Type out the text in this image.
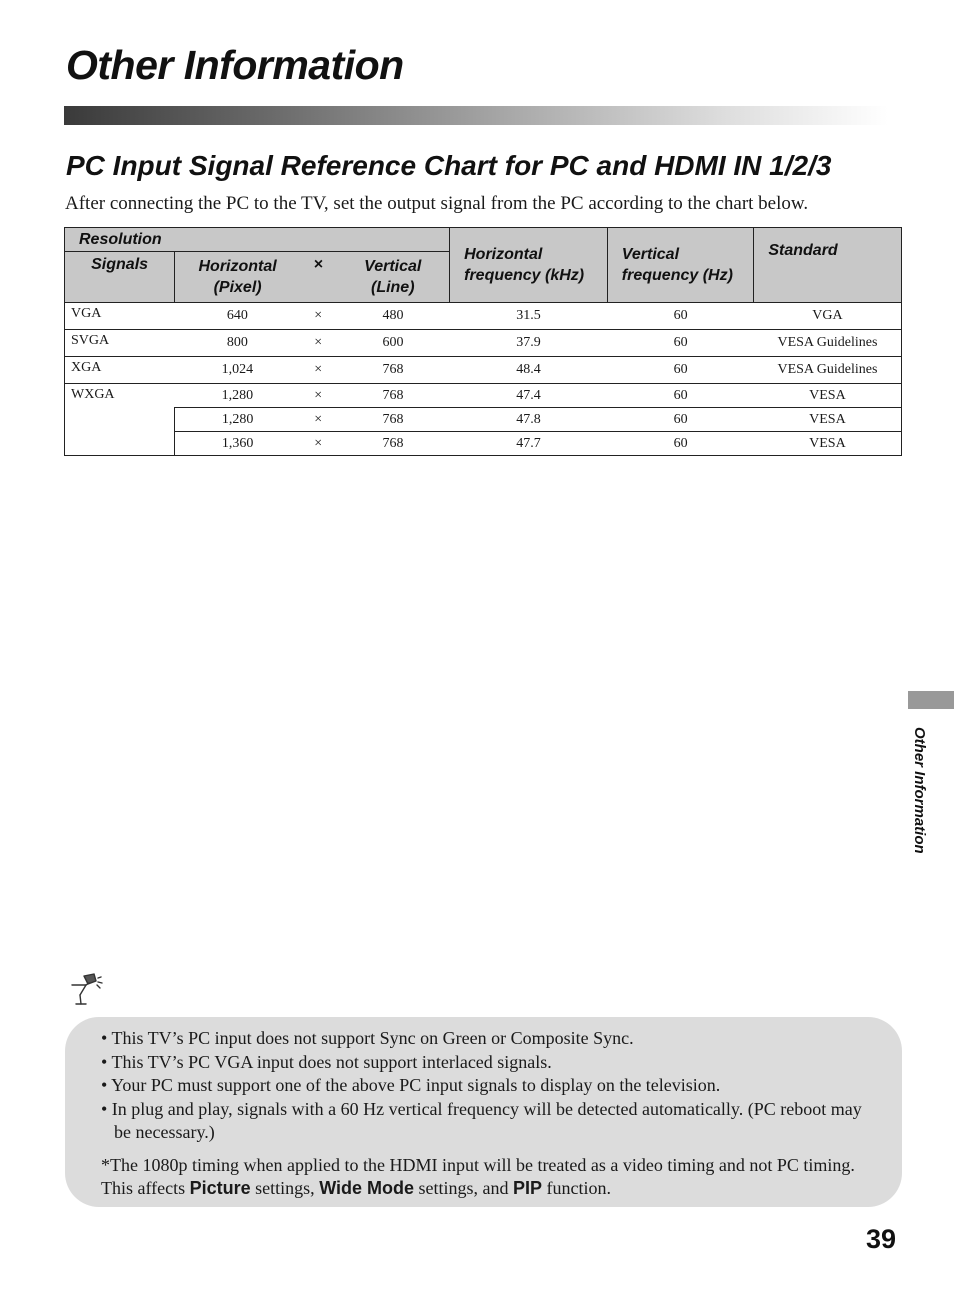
Other Information
PC Input Signal Reference Chart for PC and HDMI IN 1/2/3

After connecting the PC to the TV, set the output signal from the PC according to the chart below.

Resolution				Horizontal frequency (kHz)	Vertical frequency (Hz)	Standard
Signals	Horizontal (Pixel)	×	Vertical (Line)			
VGA	640	×	480	31.5	60	VGA
SVGA	800	×	600	37.9	60	VESA Guidelines
XGA	1,024	×	768	48.4	60	VESA Guidelines
WXGA	1,280	×	768	47.4	60	VESA
	1,280	×	768	47.8	60	VESA
	1,360	×	768	47.7	60	VESA

Other Information

• This TV’s PC input does not support Sync on Green or Composite Sync.
• This TV’s PC VGA input does not support interlaced signals.
• Your PC must support one of the above PC input signals to display on the television.
• In plug and play, signals with a 60 Hz vertical frequency will be detected automatically. (PC reboot may be necessary.)

*The 1080p timing when applied to the HDMI input will be treated as a video timing and not PC timing. This affects Picture settings, Wide Mode settings, and PIP function.

39
